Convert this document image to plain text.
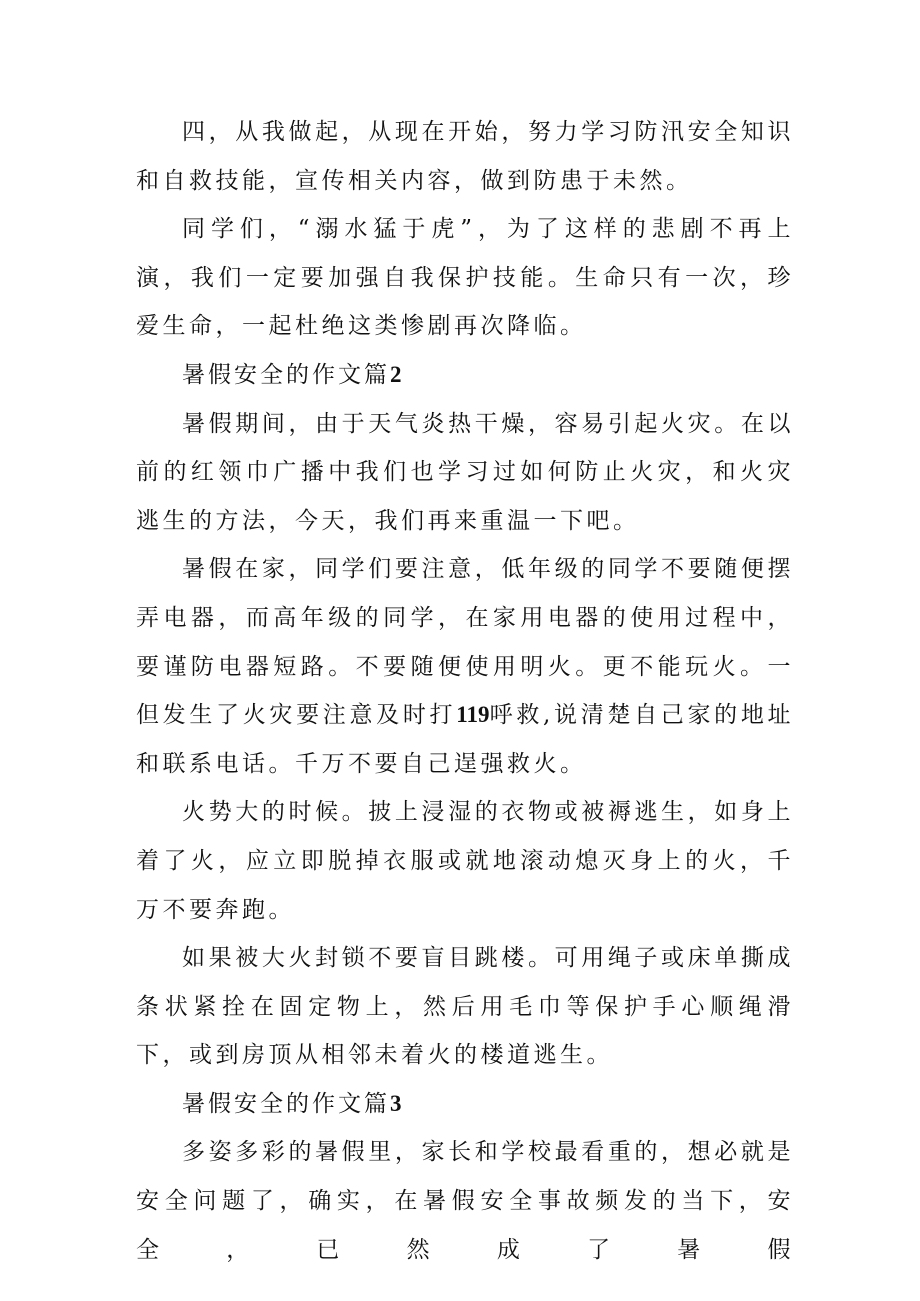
四，从我做起，从现在开始，努力学习防汛安全知识和自救技能，宣传相关内容，做到防患于未然。

同学们，“溺水猛于虎”，为了这样的悲剧不再上演，我们一定要加强自我保护技能。生命只有一次，珍爱生命，一起杜绝这类惨剧再次降临。

暑假安全的作文篇2

暑假期间，由于天气炎热干燥，容易引起火灾。在以前的红领巾广播中我们也学习过如何防止火灾，和火灾逃生的方法，今天，我们再来重温一下吧。

暑假在家，同学们要注意，低年级的同学不要随便摆弄电器，而高年级的同学，在家用电器的使用过程中，要谨防电器短路。不要随便使用明火。更不能玩火。一但发生了火灾要注意及时打119呼救,说清楚自己家的地址和联系电话。千万不要自己逞强救火。

火势大的时候。披上浸湿的衣物或被褥逃生，如身上着了火，应立即脱掉衣服或就地滚动熄灭身上的火，千万不要奔跑。

如果被大火封锁不要盲目跳楼。可用绳子或床单撕成条状紧拴在固定物上，然后用毛巾等保护手心顺绳滑下，或到房顶从相邻未着火的楼道逃生。

暑假安全的作文篇3

多姿多彩的暑假里，家长和学校最看重的，想必就是安全问题了，确实，在暑假安全事故频发的当下，安全，已然成了暑假
